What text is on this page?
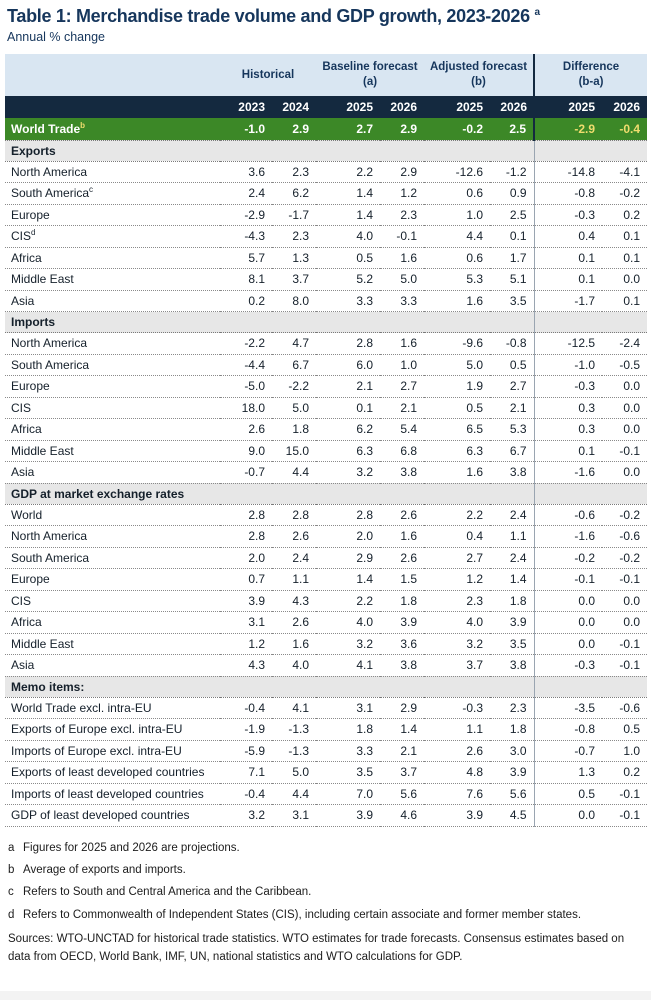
Table 1: Merchandise trade volume and GDP growth, 2023-2026 $^a$
Annual % change

Historical

Baseline forecast
(a)

Adjusted forecast
(b)

Difference
(b-a)

	2023	2024	2025	2026	2025	2026	2025	2026
World Trade$^b$	-1.0	2.9	2.7	2.9	-0.2	2.5	-2.9	-0.4
Exports								
North America	3.6	2.3	2.2	2.9	-12.6	-1.2	-14.8	-4.1
South America$^c$	2.4	6.2	1.4	1.2	0.6	0.9	-0.8	-0.2
Europe	-2.9	-1.7	1.4	2.3	1.0	2.5	-0.3	0.2
CIS$^d$	-4.3	2.3	4.0	-0.1	4.4	0.1	0.4	0.1
Africa	5.7	1.3	0.5	1.6	0.6	1.7	0.1	0.1
Middle East	8.1	3.7	5.2	5.0	5.3	5.1	0.1	0.0
Asia	0.2	8.0	3.3	3.3	1.6	3.5	-1.7	0.1
Imports								
North America	-2.2	4.7	2.8	1.6	-9.6	-0.8	-12.5	-2.4
South America	-4.4	6.7	6.0	1.0	5.0	0.5	-1.0	-0.5
Europe	-5.0	-2.2	2.1	2.7	1.9	2.7	-0.3	0.0
CIS	18.0	5.0	0.1	2.1	0.5	2.1	0.3	0.0
Africa	2.6	1.8	6.2	5.4	6.5	5.3	0.3	0.0
Middle East	9.0	15.0	6.3	6.8	6.3	6.7	0.1	-0.1
Asia	-0.7	4.4	3.2	3.8	1.6	3.8	-1.6	0.0
GDP at market exchange rates								
World	2.8	2.8	2.8	2.6	2.2	2.4	-0.6	-0.2
North America	2.8	2.6	2.0	1.6	0.4	1.1	-1.6	-0.6
South America	2.0	2.4	2.9	2.6	2.7	2.4	-0.2	-0.2
Europe	0.7	1.1	1.4	1.5	1.2	1.4	-0.1	-0.1
CIS	3.9	4.3	2.2	1.8	2.3	1.8	0.0	0.0
Africa	3.1	2.6	4.0	3.9	4.0	3.9	0.0	0.0
Middle East	1.2	1.6	3.2	3.6	3.2	3.5	0.0	-0.1
Asia	4.3	4.0	4.1	3.8	3.7	3.8	-0.3	-0.1
Memo items:								
World Trade excl. intra-EU	-0.4	4.1	3.1	2.9	-0.3	2.3	-3.5	-0.6
Exports of Europe excl. intra-EU	-1.9	-1.3	1.8	1.4	1.1	1.8	-0.8	0.5
Imports of Europe excl. intra-EU	-5.9	-1.3	3.3	2.1	2.6	3.0	-0.7	1.0
Exports of least developed countries	7.1	5.0	3.5	3.7	4.8	3.9	1.3	0.2
Imports of least developed countries	-0.4	4.4	7.0	5.6	7.6	5.6	0.5	-0.1
GDP of least developed countries	3.2	3.1	3.9	4.6	3.9	4.5	0.0	-0.1
a Figures for 2025 and 2026 are projections.
b Average of exports and imports.
c Refers to South and Central America and the Caribbean.
d Refers to Commonwealth of Independent States (CIS), including certain associate and former member states.

Sources: WTO-UNCTAD for historical trade statistics. WTO estimates for trade forecasts. Consensus estimates based on data from OECD, World Bank, IMF, UN, national statistics and WTO calculations for GDP.
